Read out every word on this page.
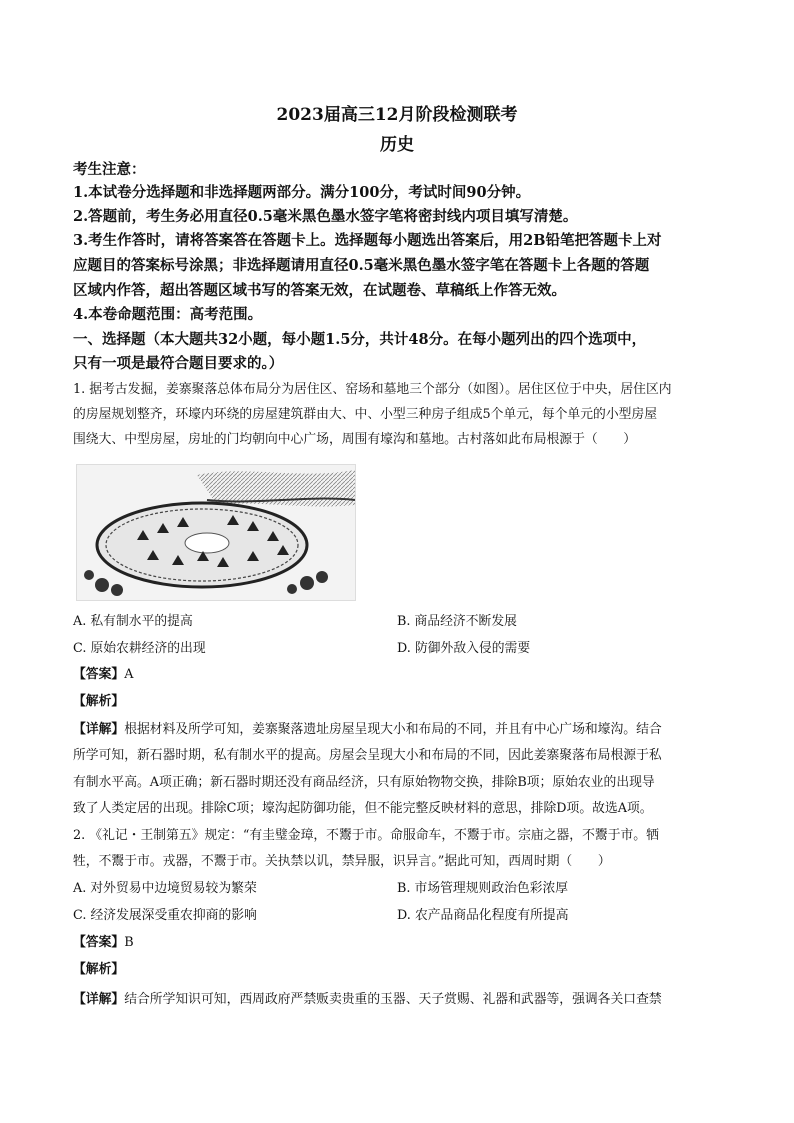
2023届高三12月阶段检测联考
历史
考生注意：
1.本试卷分选择题和非选择题两部分。满分100分，考试时间90分钟。
2.答题前，考生务必用直径0.5毫米黑色墨水签字笔将密封线内项目填写清楚。
3.考生作答时，请将答案答在答题卡上。选择题每小题选出答案后，用2B铅笔把答题卡上对
应题目的答案标号涂黑；非选择题请用直径0.5毫米黑色墨水签字笔在答题卡上各题的答题
区域内作答，超出答题区域书写的答案无效，在试题卷、草稿纸上作答无效。
4.本卷命题范围：高考范围。
一、选择题（本大题共32小题，每小题1.5分，共计48分。在每小题列出的四个选项中，
只有一项是最符合题目要求的。）
1. 据考古发掘，姜寨聚落总体布局分为居住区、窑场和墓地三个部分（如图）。居住区位于中央，居住区内
的房屋规划整齐，环壕内环绕的房屋建筑群由大、中、小型三种房子组成5个单元，每个单元的小型房屋
围绕大、中型房屋，房址的门均朝向中心广场，周围有壕沟和墓地。古村落如此布局根源于（　　）
A. 私有制水平的提高	B. 商品经济不断发展
C. 原始农耕经济的出现	D. 防御外敌入侵的需要
【答案】A
【解析】
【详解】根据材料及所学可知，姜寨聚落遗址房屋呈现大小和布局的不同，并且有中心广场和壕沟。结合
所学可知，新石器时期，私有制水平的提高。房屋会呈现大小和布局的不同，因此姜寨聚落布局根源于私
有制水平高。A项正确；新石器时期还没有商品经济，只有原始物物交换，排除B项；原始农业的出现导
致了人类定居的出现。排除C项；壕沟起防御功能，但不能完整反映材料的意思，排除D项。故选A项。
2. 《礼记・王制第五》规定：“有圭璧金璋，不鬻于市。命服命车，不鬻于市。宗庙之器，不鬻于市。牺
牲，不鬻于市。戎器，不鬻于市。关执禁以讥，禁异服，识异言。”据此可知，西周时期（　　）
A. 对外贸易中边境贸易较为繁荣	B. 市场管理规则政治色彩浓厚
C. 经济发展深受重农抑商的影响	D. 农产品商品化程度有所提高
【答案】B
【解析】
【详解】结合所学知识可知，西周政府严禁贩卖贵重的玉器、天子赏赐、礼器和武器等，强调各关口查禁
